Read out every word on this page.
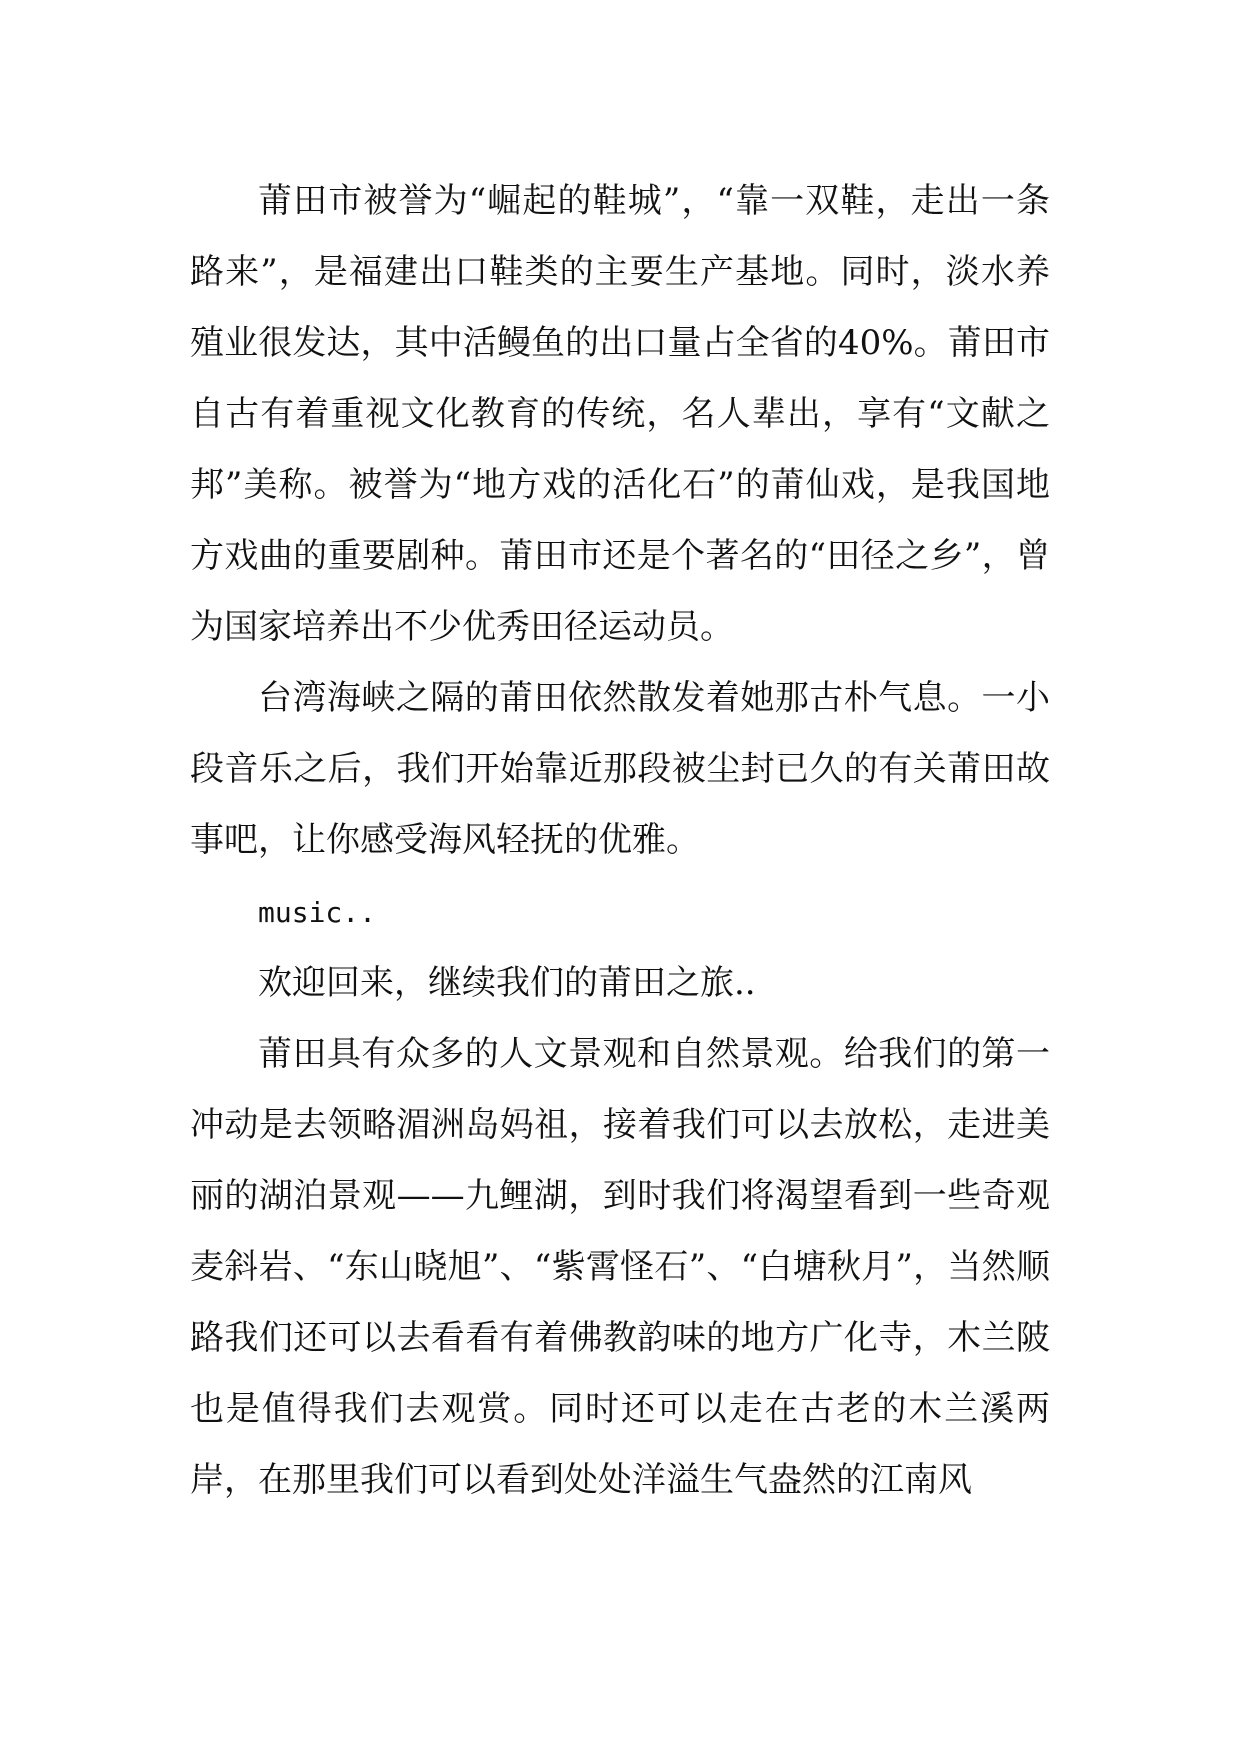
莆田市被誉为“崛起的鞋城”，“靠一双鞋，走出一条路来”，是福建出口鞋类的主要生产基地。同时，淡水养殖业很发达，其中活鳗鱼的出口量占全省的40%。莆田市自古有着重视文化教育的传统，名人辈出，享有“文献之邦”美称。被誉为“地方戏的活化石”的莆仙戏，是我国地方戏曲的重要剧种。莆田市还是个著名的“田径之乡”，曾为国家培养出不少优秀田径运动员。

台湾海峡之隔的莆田依然散发着她那古朴气息。一小段音乐之后，我们开始靠近那段被尘封已久的有关莆田故事吧，让你感受海风轻抚的优雅。

music..

欢迎回来，继续我们的莆田之旅..

莆田具有众多的人文景观和自然景观。给我们的第一冲动是去领略湄洲岛妈祖，接着我们可以去放松，走进美丽的湖泊景观——九鲤湖，到时我们将渴望看到一些奇观麦斜岩、“东山晓旭”、“紫霄怪石”、“白塘秋月”，当然顺路我们还可以去看看有着佛教韵味的地方广化寺，木兰陂也是值得我们去观赏。同时还可以走在古老的木兰溪两岸，在那里我们可以看到处处洋溢生气盎然的江南风
